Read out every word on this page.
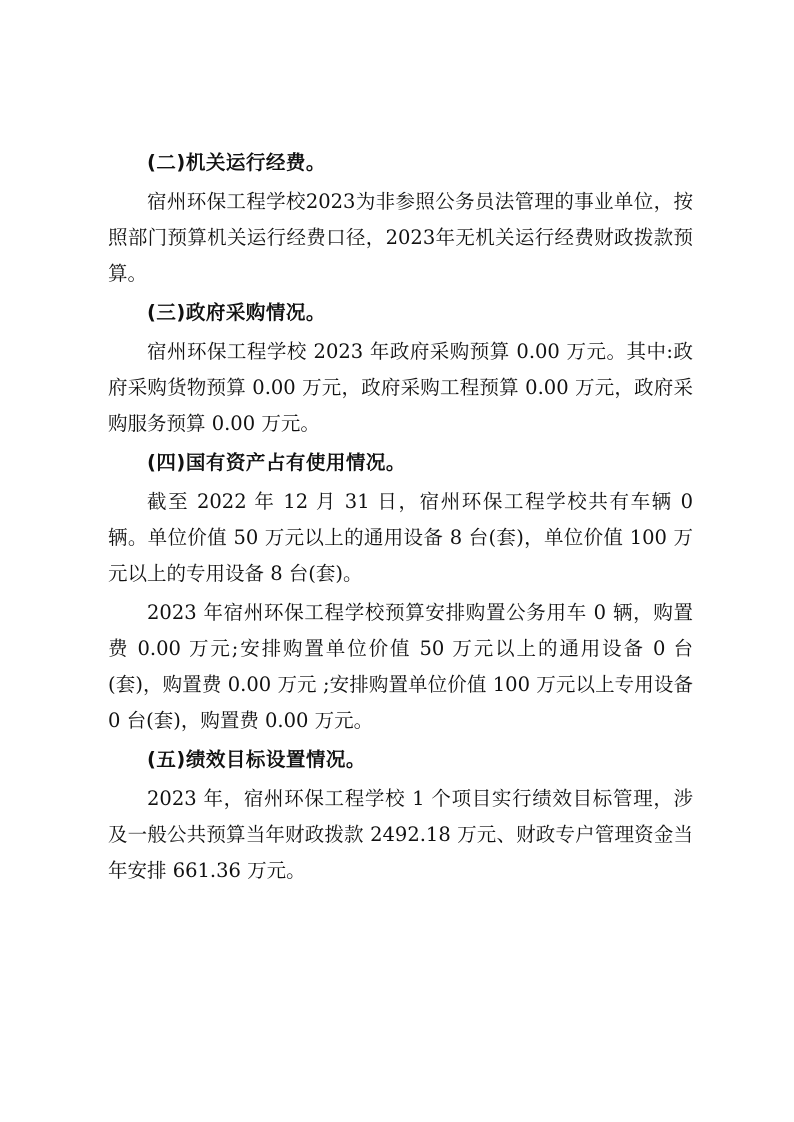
(二)机关运行经费。

宿州环保工程学校2023为非参照公务员法管理的事业单位，按照部门预算机关运行经费口径，2023年无机关运行经费财政拨款预算。

(三)政府采购情况。

宿州环保工程学校 2023 年政府采购预算 0.00 万元。其中:政府采购货物预算 0.00 万元，政府采购工程预算 0.00 万元，政府采购服务预算 0.00 万元。

(四)国有资产占有使用情况。

截至 2022 年 12 月 31 日，宿州环保工程学校共有车辆 0 辆。单位价值 50 万元以上的通用设备 8 台(套)，单位价值 100 万元以上的专用设备 8 台(套)。

2023 年宿州环保工程学校预算安排购置公务用车 0 辆，购置费 0.00 万元;安排购置单位价值 50 万元以上的通用设备 0 台(套)，购置费 0.00 万元 ;安排购置单位价值 100 万元以上专用设备 0 台(套)，购置费 0.00 万元。

(五)绩效目标设置情况。

2023 年，宿州环保工程学校 1 个项目实行绩效目标管理，涉及一般公共预算当年财政拨款 2492.18 万元、财政专户管理资金当年安排 661.36 万元。
